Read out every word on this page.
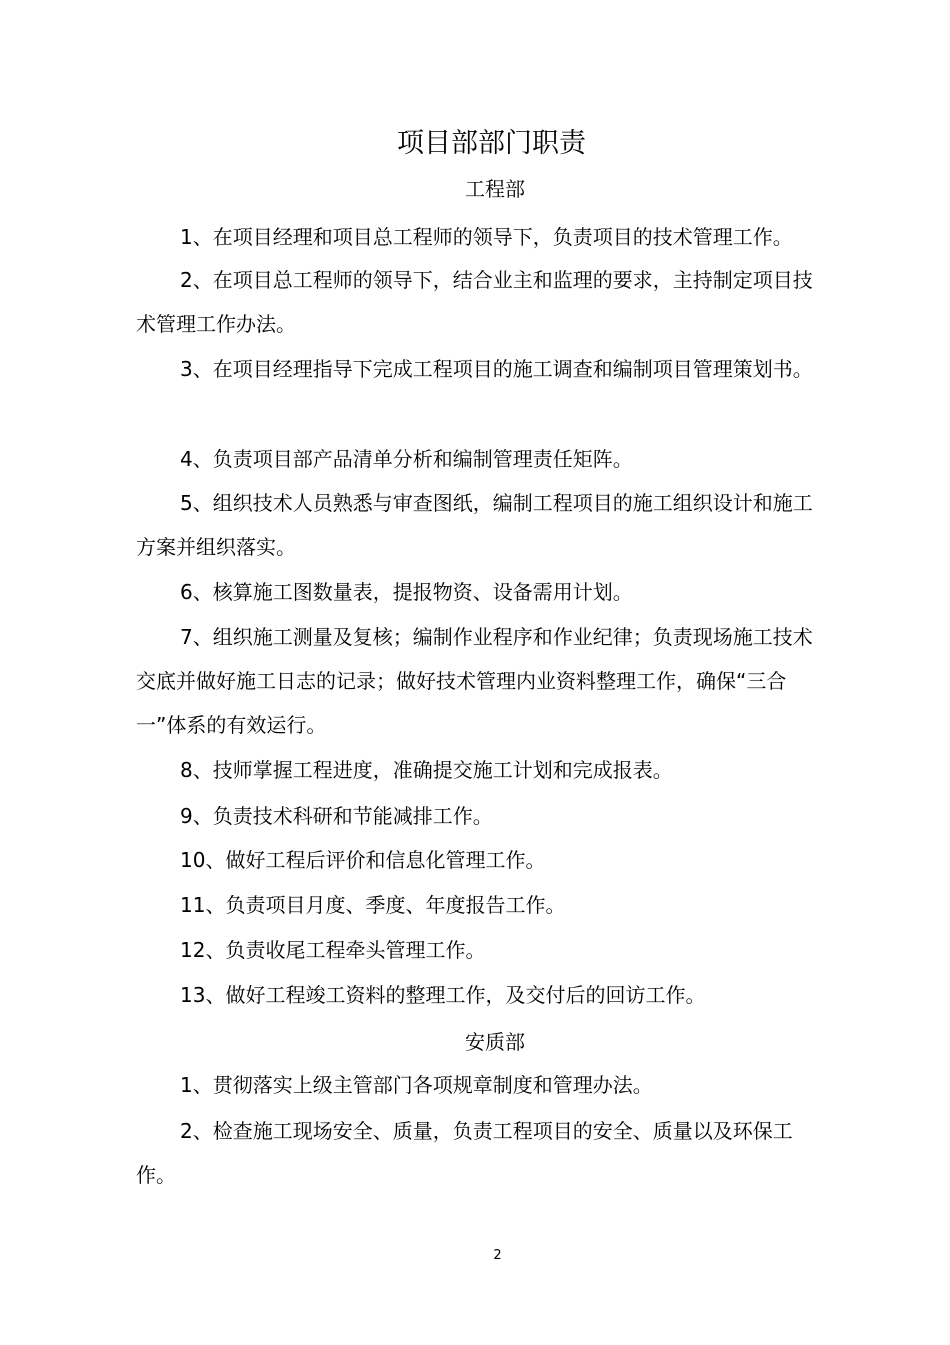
项目部部门职责
工程部

1、在项目经理和项目总工程师的领导下，负责项目的技术管理工作。

2、在项目总工程师的领导下，结合业主和监理的要求，主持制定项目技术管理工作办法。

3、在项目经理指导下完成工程项目的施工调查和编制项目管理策划书。

4、负责项目部产品清单分析和编制管理责任矩阵。

5、组织技术人员熟悉与审查图纸，编制工程项目的施工组织设计和施工方案并组织落实。

6、核算施工图数量表，提报物资、设备需用计划。

7、组织施工测量及复核；编制作业程序和作业纪律；负责现场施工技术交底并做好施工日志的记录；做好技术管理内业资料整理工作，确保“三合一”体系的有效运行。

8、技师掌握工程进度，准确提交施工计划和完成报表。

9、负责技术科研和节能减排工作。

10、做好工程后评价和信息化管理工作。

11、负责项目月度、季度、年度报告工作。

12、负责收尾工程牵头管理工作。

13、做好工程竣工资料的整理工作，及交付后的回访工作。

安质部

1、贯彻落实上级主管部门各项规章制度和管理办法。

2、检查施工现场安全、质量，负责工程项目的安全、质量以及环保工作。

2
